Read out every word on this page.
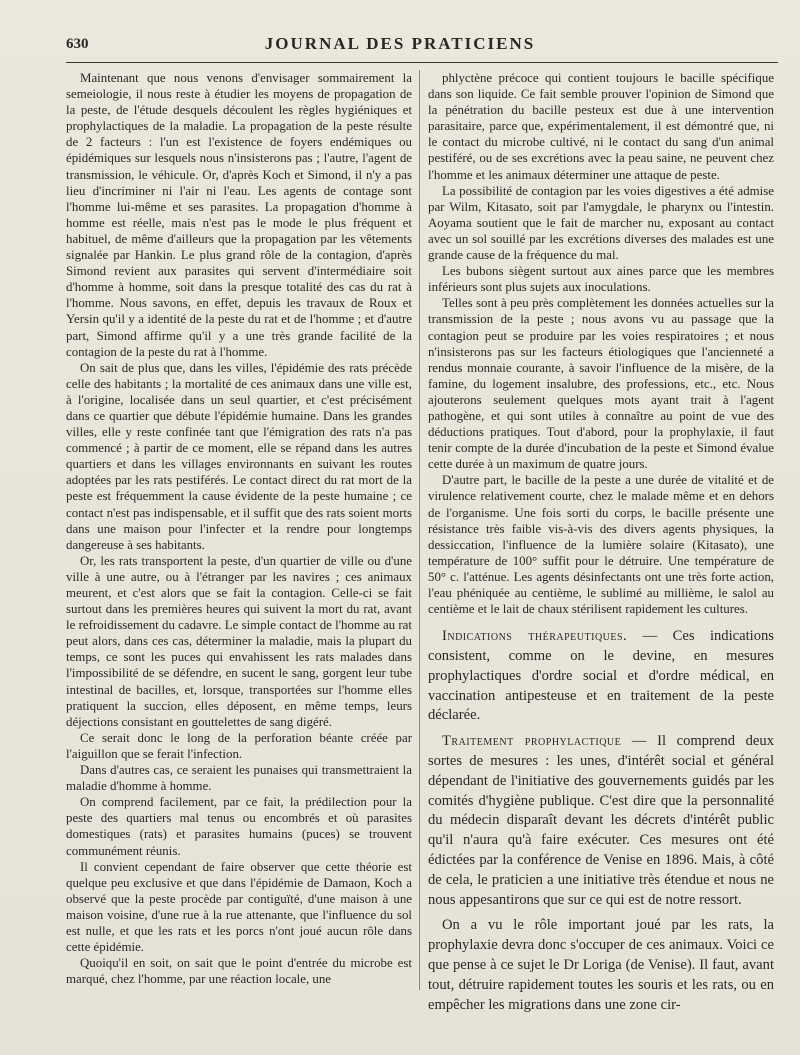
630	JOURNAL DES PRATICIENS

Maintenant que nous venons d'envisager sommairement la semeiologie, il nous reste à étudier les moyens de propagation de la peste, de l'étude desquels découlent les règles hygiéniques et prophylactiques de la maladie. La propagation de la peste résulte de 2 facteurs : l'un est l'existence de foyers endémiques ou épidémiques sur lesquels nous n'insisterons pas ; l'autre, l'agent de transmission, le véhicule. Or, d'après Koch et Simond, il n'y a pas lieu d'incriminer ni l'air ni l'eau. Les agents de contage sont l'homme lui-même et ses parasites. La propagation d'homme à homme est réelle, mais n'est pas le mode le plus fréquent et habituel, de même d'ailleurs que la propagation par les vêtements signalée par Hankin. Le plus grand rôle de la contagion, d'après Simond revient aux parasites qui servent d'intermédiaire soit d'homme à homme, soit dans la presque totalité des cas du rat à l'homme. Nous savons, en effet, depuis les travaux de Roux et Yersin qu'il y a identité de la peste du rat et de l'homme ; et d'autre part, Simond affirme qu'il y a une très grande facilité de la contagion de la peste du rat à l'homme.

On sait de plus que, dans les villes, l'épidémie des rats précède celle des habitants ; la mortalité de ces animaux dans une ville est, à l'origine, localisée dans un seul quartier, et c'est précisément dans ce quartier que débute l'épidémie humaine. Dans les grandes villes, elle y reste confinée tant que l'émigration des rats n'a pas commencé ; à partir de ce moment, elle se répand dans les autres quartiers et dans les villages environnants en suivant les routes adoptées par les rats pestiférés. Le contact direct du rat mort de la peste est fréquemment la cause évidente de la peste humaine ; ce contact n'est pas indispensable, et il suffit que des rats soient morts dans une maison pour l'infecter et la rendre pour longtemps dangereuse à ses habitants.

Or, les rats transportent la peste, d'un quartier de ville ou d'une ville à une autre, ou à l'étranger par les navires ; ces animaux meurent, et c'est alors que se fait la contagion. Celle-ci se fait surtout dans les premières heures qui suivent la mort du rat, avant le refroidissement du cadavre. Le simple contact de l'homme au rat peut alors, dans ces cas, déterminer la maladie, mais la plupart du temps, ce sont les puces qui envahissent les rats malades dans l'impossibilité de se défendre, en sucent le sang, gorgent leur tube intestinal de bacilles, et, lorsque, transportées sur l'homme elles pratiquent la succion, elles déposent, en même temps, leurs déjections consistant en gouttelettes de sang digéré.

Ce serait donc le long de la perforation béante créée par l'aiguillon que se ferait l'infection.

Dans d'autres cas, ce seraient les punaises qui transmettraient la maladie d'homme à homme.

On comprend facilement, par ce fait, la prédilection pour la peste des quartiers mal tenus ou encombrés et où parasites domestiques (rats) et parasites humains (puces) se trouvent communément réunis.

Il convient cependant de faire observer que cette théorie est quelque peu exclusive et que dans l'épidémie de Damaon, Koch a observé que la peste procède par contiguïté, d'une maison à une maison voisine, d'une rue à la rue attenante, que l'influence du sol est nulle, et que les rats et les porcs n'ont joué aucun rôle dans cette épidémie.

Quoiqu'il en soit, on sait que le point d'entrée du microbe est marqué, chez l'homme, par une réaction locale, une

phlyctène précoce qui contient toujours le bacille spécifique dans son liquide. Ce fait semble prouver l'opinion de Simond que la pénétration du bacille pesteux est due à une intervention parasitaire, parce que, expérimentalement, il est démontré que, ni le contact du microbe cultivé, ni le contact du sang d'un animal pestiféré, ou de ses excrétions avec la peau saine, ne peuvent chez l'homme et les animaux déterminer une attaque de peste.

La possibilité de contagion par les voies digestives a été admise par Wilm, Kitasato, soit par l'amygdale, le pharynx ou l'intestin. Aoyama soutient que le fait de marcher nu, exposant au contact avec un sol souillé par les excrétions diverses des malades est une grande cause de la fréquence du mal.

Les bubons siègent surtout aux aines parce que les membres inférieurs sont plus sujets aux inoculations.

Telles sont à peu près complètement les données actuelles sur la transmission de la peste ; nous avons vu au passage que la contagion peut se produire par les voies respiratoires ; et nous n'insisterons pas sur les facteurs étiologiques que l'ancienneté a rendus monnaie courante, à savoir l'influence de la misère, de la famine, du logement insalubre, des professions, etc., etc. Nous ajouterons seulement quelques mots ayant trait à l'agent pathogène, et qui sont utiles à connaître au point de vue des déductions pratiques. Tout d'abord, pour la prophylaxie, il faut tenir compte de la durée d'incubation de la peste et Simond évalue cette durée à un maximum de quatre jours.

D'autre part, le bacille de la peste a une durée de vitalité et de virulence relativement courte, chez le malade même et en dehors de l'organisme. Une fois sorti du corps, le bacille présente une résistance très faible vis-à-vis des divers agents physiques, la dessiccation, l'influence de la lumière solaire (Kitasato), une température de 100° suffit pour le détruire. Une température de 50° c. l'atténue. Les agents désinfectants ont une très forte action, l'eau phéniquée au centième, le sublimé au millième, le salol au centième et le lait de chaux stérilisent rapidement les cultures.

Indications thérapeutiques. — Ces indications consistent, comme on le devine, en mesures prophylactiques d'ordre social et d'ordre médical, en vaccination antipesteuse et en traitement de la peste déclarée.

Traitement prophylactique — Il comprend deux sortes de mesures : les unes, d'intérêt social et général dépendant de l'initiative des gouvernements guidés par les comités d'hygiène publique. C'est dire que la personnalité du médecin disparaît devant les décrets d'intérêt public qu'il n'aura qu'à faire exécuter. Ces mesures ont été édictées par la conférence de Venise en 1896. Mais, à côté de cela, le praticien a une initiative très étendue et nous ne nous appesantirons que sur ce qui est de notre ressort.

On a vu le rôle important joué par les rats, la prophylaxie devra donc s'occuper de ces animaux. Voici ce que pense à ce sujet le Dr Loriga (de Venise). Il faut, avant tout, détruire rapidement toutes les souris et les rats, ou en empêcher les migrations dans une zone cir-
